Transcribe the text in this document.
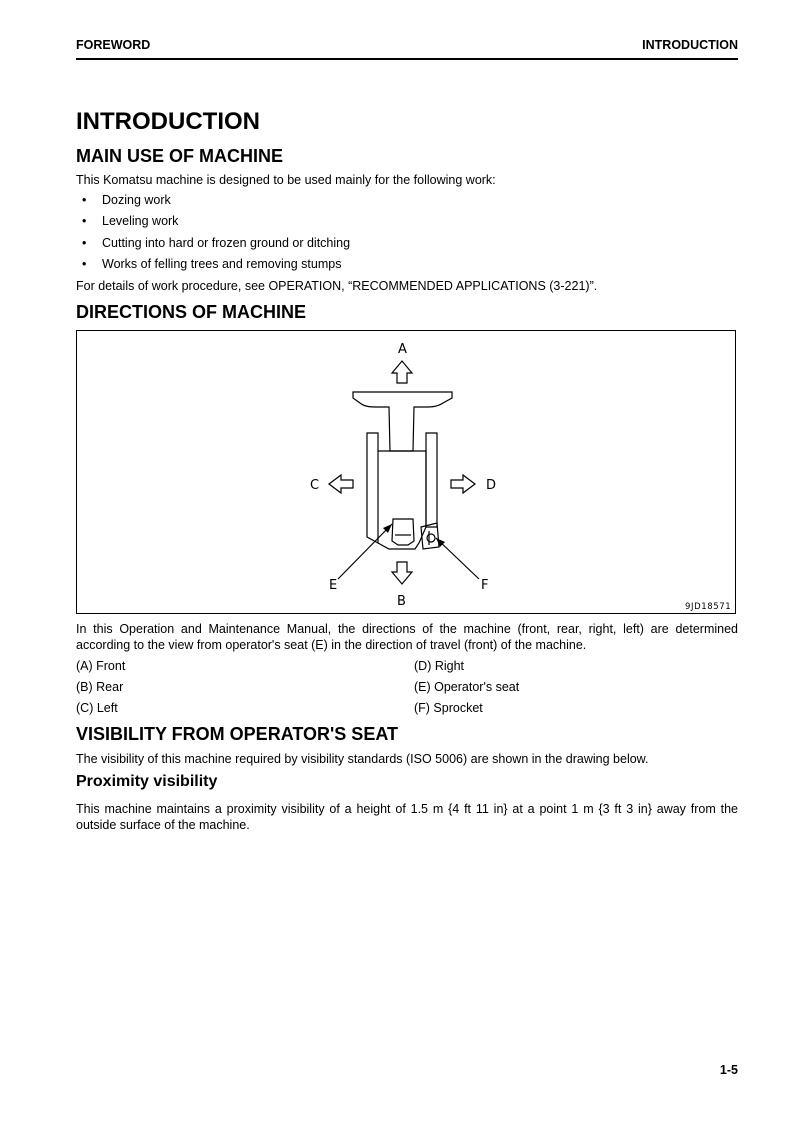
FOREWORD	INTRODUCTION
INTRODUCTION
MAIN USE OF MACHINE
This Komatsu machine is designed to be used mainly for the following work:
• Dozing work
• Leveling work
• Cutting into hard or frozen ground or ditching
• Works of felling trees and removing stumps
For details of work procedure, see OPERATION, “RECOMMENDED APPLICATIONS (3-221)”.
DIRECTIONS OF MACHINE
A
B
C	D
E	F
9JD18571
In this Operation and Maintenance Manual, the directions of the machine (front, rear, right, left) are determined according to the view from operator's seat (E) in the direction of travel (front) of the machine.
(A) Front
(B) Rear
(C) Left
(D) Right
(E) Operator's seat
(F) Sprocket
VISIBILITY FROM OPERATOR'S SEAT
The visibility of this machine required by visibility standards (ISO 5006) are shown in the drawing below.
Proximity visibility
This machine maintains a proximity visibility of a height of 1.5 m {4 ft 11 in} at a point 1 m {3 ft 3 in} away from the outside surface of the machine.
1-5
